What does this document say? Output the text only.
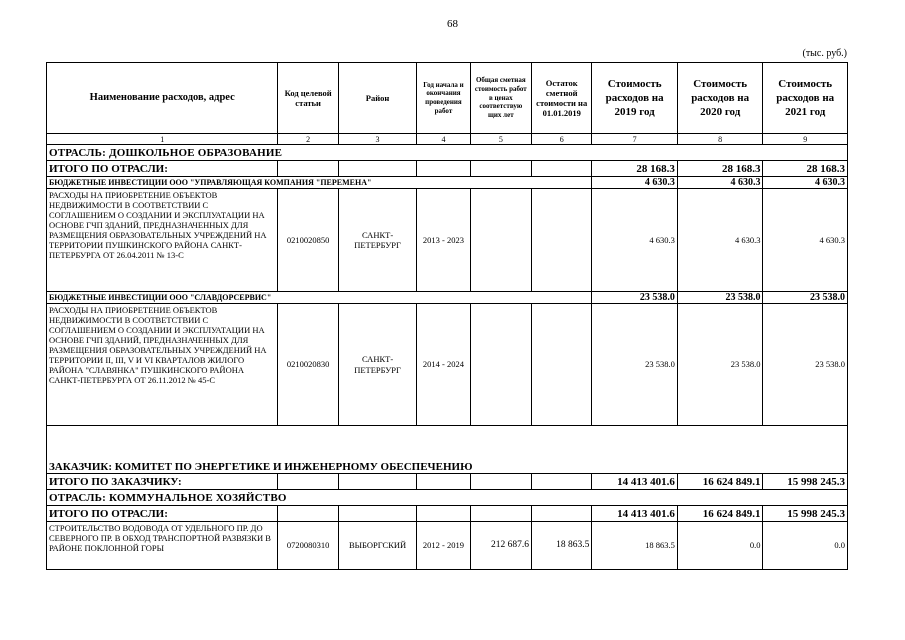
68
(тыс. руб.)
Наименование расходов, адрес	Код целевой статьи	Район	Год начала и окончания проведения работ	Общая сметная стоимость работ в ценах соответствую щих лет	Остаток сметной стоимости на 01.01.2019	Стоимость расходов на 2019 год	Стоимость расходов на 2020 год	Стоимость расходов на 2021 год
1	2	3	4	5	6	7	8	9
ОТРАСЛЬ: ДОШКОЛЬНОЕ ОБРАЗОВАНИЕ								
ИТОГО ПО ОТРАСЛИ:						28 168.3	28 168.3	28 168.3
БЮДЖЕТНЫЕ ИНВЕСТИЦИИ ООО "УПРАВЛЯЮЩАЯ КОМПАНИЯ "ПЕРЕМЕНА"						4 630.3	4 630.3	4 630.3
РАСХОДЫ НА ПРИОБРЕТЕНИЕ ОБЪЕКТОВ НЕДВИЖИМОСТИ В СООТВЕТСТВИИ С СОГЛАШЕНИЕМ О СОЗДАНИИ И ЭКСПЛУАТАЦИИ НА ОСНОВЕ ГЧП ЗДАНИЙ, ПРЕДНАЗНАЧЕННЫХ ДЛЯ РАЗМЕЩЕНИЯ ОБРАЗОВАТЕЛЬНЫХ УЧРЕЖДЕНИЙ НА ТЕРРИТОРИИ ПУШКИНСКОГО РАЙОНА САНКТ-ПЕТЕРБУРГА ОТ 26.04.2011 № 13-С	0210020850	САНКТ-ПЕТЕРБУРГ	2013 - 2023			4 630.3	4 630.3	4 630.3
БЮДЖЕТНЫЕ ИНВЕСТИЦИИ ООО "СЛАВДОРСЕРВИС"						23 538.0	23 538.0	23 538.0
РАСХОДЫ НА ПРИОБРЕТЕНИЕ ОБЪЕКТОВ НЕДВИЖИМОСТИ В СООТВЕТСТВИИ С СОГЛАШЕНИЕМ О СОЗДАНИИ И ЭКСПЛУАТАЦИИ НА ОСНОВЕ ГЧП ЗДАНИЙ, ПРЕДНАЗНАЧЕННЫХ ДЛЯ РАЗМЕЩЕНИЯ ОБРАЗОВАТЕЛЬНЫХ УЧРЕЖДЕНИЙ НА ТЕРРИТОРИИ II, III, V И VI КВАРТАЛОВ ЖИЛОГО РАЙОНА "СЛАВЯНКА" ПУШКИНСКОГО РАЙОНА САНКТ-ПЕТЕРБУРГА ОТ 26.11.2012 № 45-С	0210020830	САНКТ-ПЕТЕРБУРГ	2014 - 2024			23 538.0	23 538.0	23 538.0

ЗАКАЗЧИК: КОМИТЕТ ПО ЭНЕРГЕТИКЕ И ИНЖЕНЕРНОМУ ОБЕСПЕЧЕНИЮ								
ИТОГО ПО ЗАКАЗЧИКУ:						14 413 401.6	16 624 849.1	15 998 245.3
ОТРАСЛЬ: КОММУНАЛЬНОЕ ХОЗЯЙСТВО								
ИТОГО ПО ОТРАСЛИ:						14 413 401.6	16 624 849.1	15 998 245.3
СТРОИТЕЛЬСТВО ВОДОВОДА ОТ УДЕЛЬНОГО ПР. ДО СЕВЕРНОГО ПР. В ОБХОД ТРАНСПОРТНОЙ РАЗВЯЗКИ В РАЙОНЕ ПОКЛОННОЙ ГОРЫ	0720080310	ВЫБОРГСКИЙ	2012 - 2019	212 687.6	18 863.5	18 863.5	0.0	0.0
